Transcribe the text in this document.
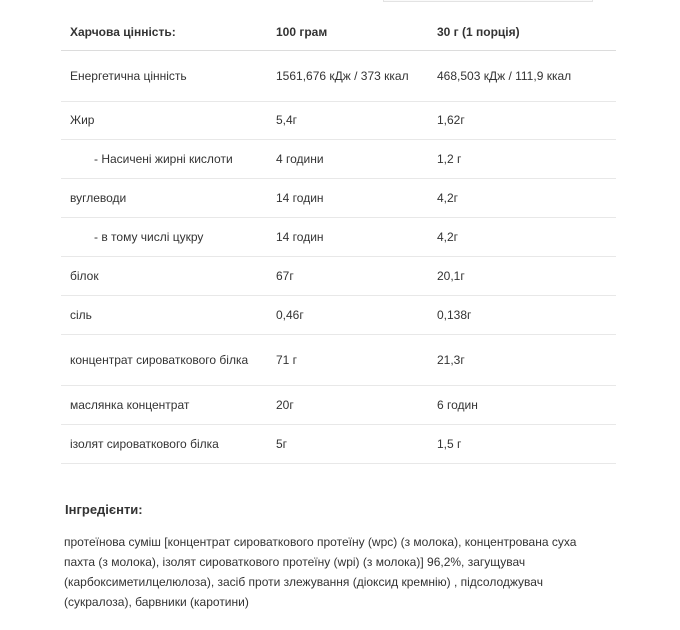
Харчова цінність:	100 грам	30 г (1 порція)
Енергетична цінність	1561,676 кДж / 373 ккал	468,503 кДж / 111,9 ккал
Жир	5,4г	1,62г
- Насичені жирні кислоти	4 години	1,2 г
вуглеводи	14 годин	4,2г
- в тому числі цукру	14 годин	4,2г
білок	67г	20,1г
сіль	0,46г	0,138г
концентрат сироваткового білка	71 г	21,3г
маслянка концентрат	20г	6 годин
ізолят сироваткового білка	5г	1,5 г
Інгредієнти:

протеїнова суміш [концентрат сироваткового протеїну (wpc) (з молока), концентрована суха пахта (з молока), ізолят сироваткового протеїну (wpi) (з молока)] 96,2%, загущувач (карбоксиметилцелюлоза), засіб проти злежування (діоксид кремнію) , підсолоджувач (сукралоза), барвники (каротини)
